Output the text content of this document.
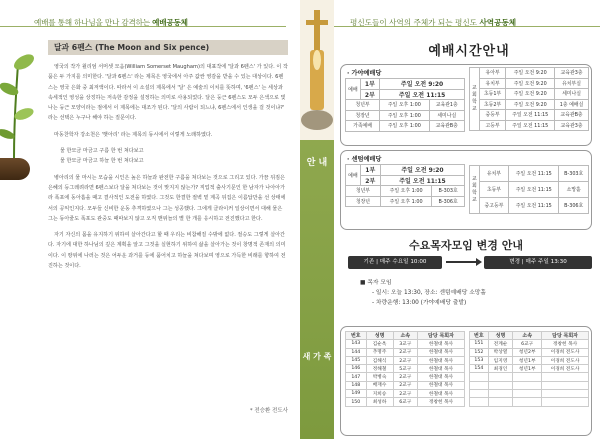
예배를 통해 하나님을 만나 감격하는 예배공동체
달과 6펜스 (The Moon and Six pence)

영국의 작가 윌리엄 서머셋 모옴(William Somerset Maugham)의 대표작에 '달과 6펜스' 가 있다. 이 작품은 두 가지를 의미한다. '달과 6펜스' 라는 제목은 영국에서 아주 값싼 영감을 받을 수 있는 대상이다. 6펜스는 영국 은화 중 최저액이다. 따라서 이 소설의 제목에서 '달' 은 예술의 이치를 뜻하며, '6펜스' 는 세상과 속세적인 영성을 상징하는 저속한 감정을 설정하는 의미로 사용되었다. 달은 둥근 6펜스도 모두 은색으로 빛나는 둥근 모양이라는 점에서 이 제목에는 대조가 된다. '달의 사람이 되느냐, 6펜스에서 인생을 걸 것이냐?' 라는 선택은 누구나 해야 하는 질문이다.

마동찬학자 강소천은 '햇아리' 라는 제목의 동시에서 이렇게 노래하였다.

물 한모금 마금고 구름 한 번 쳐다보고

물 한모금 마금고 하늘 한 번 쳐다보고

병아리의 물 마시는 모습을 시인은 높은 하늘과 완전한 구름을 쳐다보는 것으로 그리고 있다. 가끔 뒤짐은 은혜의 등그레려라면 6펜스보다 달을 쳐다보는 것이 맞지지 않는가? 직업적 출사기문인 한 남자가 나아아가라 폭포에 동아흡을 때고 결사적인 도전을 하였다. 그것도 한결한 절벽 밑 계곡 뒤집은 이름답만을 선 상태에서의 공익인지다. 모두들 신비한 운동 추격하였으나 그는 성공했다. 그에게 클라이커 일상이면서 대해 물은 그는 동아줄도 폭포도 관중도 때따보지 않고 오직 맨위늘의 별 한 개를 응시하고 전진했다고 한다.

자기 자신의 몸을 유지하기 위하여 살아간다고 할 때 우리는 비참해질 수밖에 없다. 절승도 그렇게 살아간다. 자기에 대한 하나님의 깊은 계획을 알고 그것을 실현하기 위하여 삶을 살아가는 것이 창명적 존재의 의미이다. 이 땅위에 나러는 것은 어두운 과거를 등에 품어치고 하늘을 쳐다보며 영으로 가득한 비래를 향하여 전진하는 것이다.

* 전승환 전도사
평신도들이 사역의 주체가 되는 평신도 사역공동체
안 내
새 가 족
예배시간안내
· 가야예배당
예배	1부	주일 오전 9:20	
	2부	주일 오전 11:15	
청년부		주일 오후 1:00	교육관1층
청장년		주일 오후 1:00	세미나실
가족예배		주일 오후 1:00	교육관B층
교회학교	유아부	주일 오전 9:20	교육관3층
	유치부	주일 오전 9:20	유치부실
	초등1부	주일 오전 9:20	세미나실
	초등2부	주일 오전 9:20	1층 예배실
	중등부	주일 오전 11:15	교육관B층
	고등부	주일 오전 11:15	교육관3층
· 센텀예배당
예배	1부	주일 오전 9:20	
	2부	주일 오전 11:15	
청년부		주일 오후 1:00	B-303호
청장년		주일 오후 1:00	B-306호
교회학교	유치부	주일 오전 11:15	B-303호
	초등부	주일 오전 11:15	소망홀
	중고등부	주일 오전 11:15	B-306호
수요목자모임 변경 안내
기존 | 매주 수요일 10:00	변경 | 매주 주일 13:30
■ 목자 모임
- 일시: 오늘 13:30, 장소: 센텀예배당 소망홀
- 차량운행: 13:00 (가야예배당 출발)
번호	성명	소속	담당 목회자
143	김순옥	3교구	한철대 목사
144	추명주	2교구	한철대 목사
145	김해식	2교구	한철대 목사
146	정해철	5교구	한철대 목사
147	박병숙	2교구	한철대 목사
148	배재수	2교구	한철대 목사
149	지희승	2교구	한철대 목사
150	최성하	6교구	정창헌 목사
번호	성명	소속	담당 목회자
151	전계순	6교구	정창헌 목사
152	박상열	청년2부	이경희 전도사
153	임지영	청년1부	이경희 전도사
154	최경인	청년1부	이경희 전도사
